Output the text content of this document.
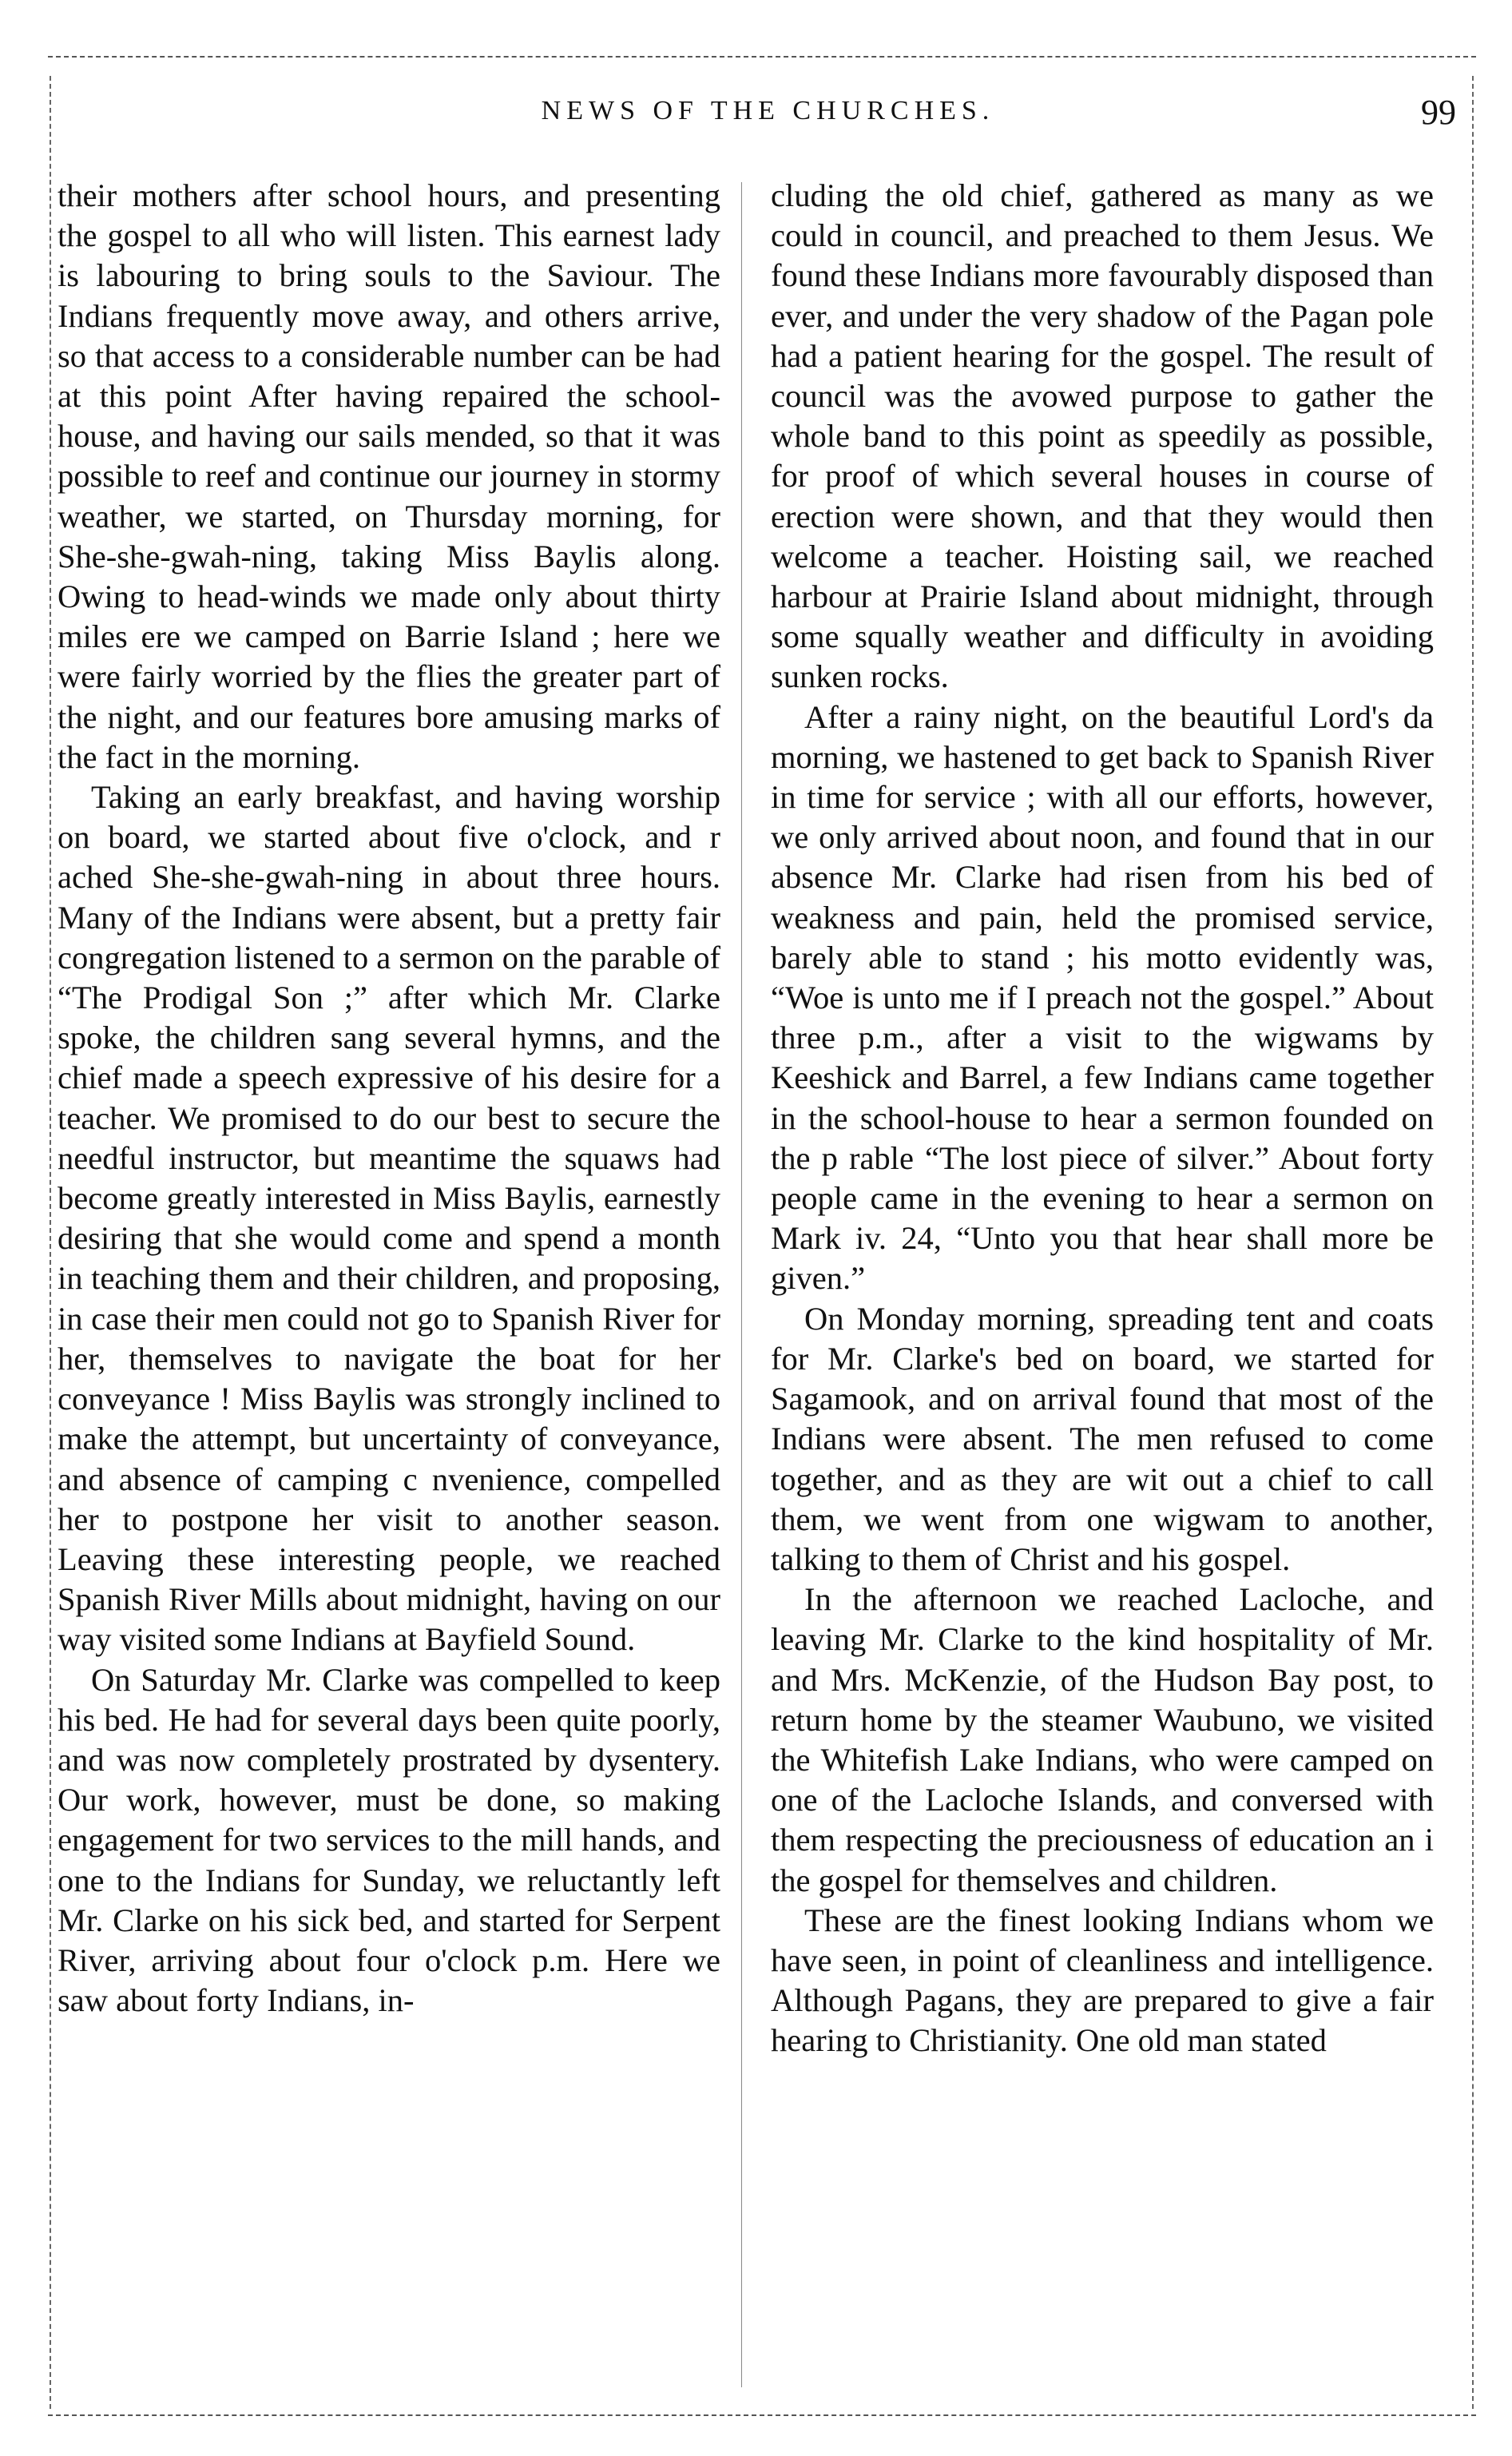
NEWS OF THE CHURCHES.	99

their mothers after school hours, and presenting the gospel to all who will listen. This earnest lady is labouring to bring souls to the Saviour. The Indians frequently move away, and others arrive, so that access to a considerable number can be had at this point After having repaired the school-house, and having our sails mended, so that it was possible to reef and continue our journey in stormy weather, we started, on Thursday morning, for She-she-gwah-ning, taking Miss Baylis along. Owing to head-winds we made only about thirty miles ere we camped on Barrie Island ; here we were fairly worried by the flies the greater part of the night, and our features bore amusing marks of the fact in the morning.

Taking an early breakfast, and having worship on board, we started about five o'clock, and r ached She-she-gwah-ning in about three hours. Many of the Indians were absent, but a pretty fair congregation listened to a sermon on the parable of “The Prodigal Son ;” after which Mr. Clarke spoke, the children sang several hymns, and the chief made a speech expressive of his desire for a teacher. We promised to do our best to secure the needful instructor, but meantime the squaws had become greatly interested in Miss Baylis, earnestly desiring that she would come and spend a month in teaching them and their children, and proposing, in case their men could not go to Spanish River for her, themselves to navigate the boat for her conveyance ! Miss Baylis was strongly inclined to make the attempt, but uncertainty of conveyance, and absence of camping c nvenience, compelled her to postpone her visit to another season. Leaving these interesting people, we reached Spanish River Mills about midnight, having on our way visited some Indians at Bayfield Sound.

On Saturday Mr. Clarke was compelled to keep his bed. He had for several days been quite poorly, and was now completely prostrated by dysentery. Our work, however, must be done, so making engagement for two services to the mill hands, and one to the Indians for Sunday, we reluctantly left Mr. Clarke on his sick bed, and started for Serpent River, arriving about four o'clock p.m. Here we saw about forty Indians, in-

cluding the old chief, gathered as many as we could in council, and preached to them Jesus. We found these Indians more favourably disposed than ever, and under the very shadow of the Pagan pole had a patient hearing for the gospel. The result of council was the avowed purpose to gather the whole band to this point as speedily as possible, for proof of which several houses in course of erection were shown, and that they would then welcome a teacher. Hoisting sail, we reached harbour at Prairie Island about midnight, through some squally weather and difficulty in avoiding sunken rocks.

After a rainy night, on the beautiful Lord's da morning, we hastened to get back to Spanish River in time for service ; with all our efforts, however, we only arrived about noon, and found that in our absence Mr. Clarke had risen from his bed of weakness and pain, held the promised service, barely able to stand ; his motto evidently was, “Woe is unto me if I preach not the gospel.” About three p.m., after a visit to the wigwams by Keeshick and Barrel, a few Indians came together in the school-house to hear a sermon founded on the p rable “The lost piece of silver.” About forty people came in the evening to hear a sermon on Mark iv. 24, “Unto you that hear shall more be given.”

On Monday morning, spreading tent and coats for Mr. Clarke's bed on board, we started for Sagamook, and on arrival found that most of the Indians were absent. The men refused to come together, and as they are wit out a chief to call them, we went from one wigwam to another, talking to them of Christ and his gospel.

In the afternoon we reached Lacloche, and leaving Mr. Clarke to the kind hospitality of Mr. and Mrs. McKenzie, of the Hudson Bay post, to return home by the steamer Waubuno, we visited the Whitefish Lake Indians, who were camped on one of the Lacloche Islands, and conversed with them respecting the preciousness of education an i the gospel for themselves and children.

These are the finest looking Indians whom we have seen, in point of cleanliness and intelligence. Although Pagans, they are prepared to give a fair hearing to Christianity. One old man stated
